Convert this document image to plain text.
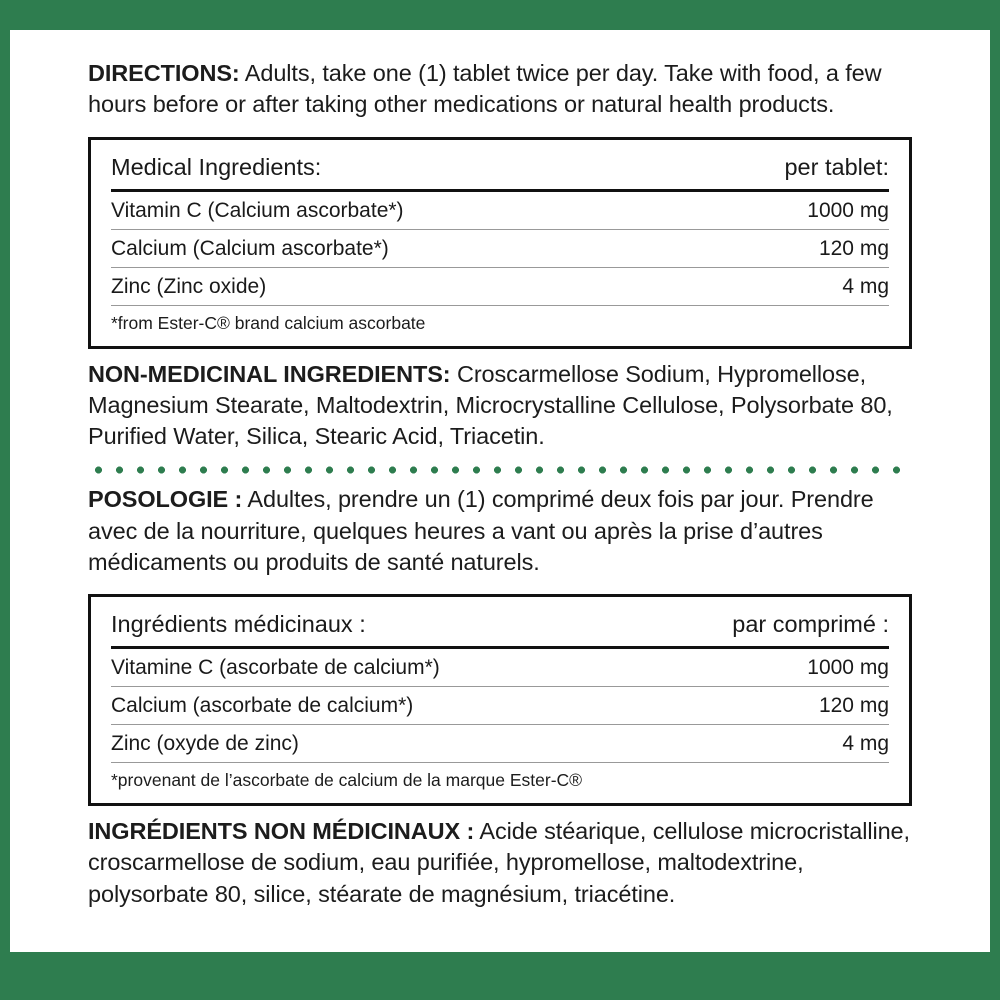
DIRECTIONS: Adults, take one (1) tablet twice per day. Take with food, a few hours before or after taking other medications or natural health products.

Medical Ingredients:	per tablet:
Vitamin C (Calcium ascorbate*)	1000 mg
Calcium (Calcium ascorbate*)	120 mg
Zinc (Zinc oxide)	4 mg
*from Ester-C® brand calcium ascorbate

NON-MEDICINAL INGREDIENTS: Croscarmellose Sodium, Hypromellose, Magnesium Stearate, Maltodextrin, Microcrystalline Cellulose, Polysorbate 80, Purified Water, Silica, Stearic Acid, Triacetin.

POSOLOGIE : Adultes, prendre un (1) comprimé deux fois par jour. Prendre avec de la nourriture, quelques heures a vant ou après la prise d’autres médicaments ou produits de santé naturels.

Ingrédients médicinaux :	par comprimé :
Vitamine C (ascorbate de calcium*)	1000 mg
Calcium (ascorbate de calcium*)	120 mg
Zinc (oxyde de zinc)	4 mg
*provenant de l’ascorbate de calcium de la marque Ester-C®

INGRÉDIENTS NON MÉDICINAUX : Acide stéarique, cellulose microcristalline, croscarmellose de sodium, eau purifiée, hypromellose, maltodextrine, polysorbate 80, silice, stéarate de magnésium, triacétine.
